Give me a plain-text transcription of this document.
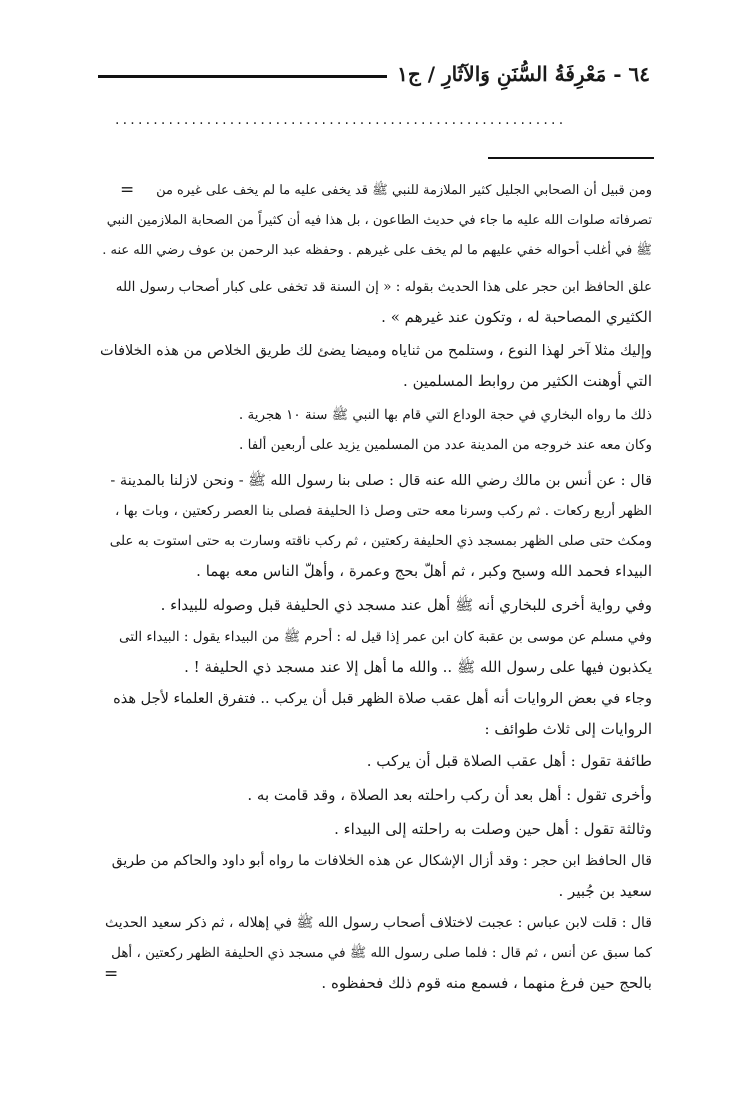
٦٤ - مَعْرِفَةُ السُّنَنِ وَالآثَارِ / ج١
...........................................................
=
=
ومن قبيل أن الصحابي الجليل كثير الملازمة للنبي ﷺ قد يخفى عليه ما لم يخف على غيره من
تصرفاته صلوات الله عليه ما جاء في حديث الطاعون ، بل هذا فيه أن كثيراً من الصحابة الملازمين النبي
ﷺ في أغلب أحواله خفي عليهم ما لم يخف على غيرهم . وحفظه عبد الرحمن بن عوف رضي الله عنه .
علق الحافظ ابن حجر على هذا الحديث بقوله : « إن السنة قد تخفى على كبار أصحاب رسول الله
الكثيري المصاحبة له ، وتكون عند غيرهم » .
وإليك مثلا آخر لهذا النوع ، وستلمح من ثناياه وميضا يضئ لك طريق الخلاص من هذه الخلافات
التي أوهنت الكثير من روابط المسلمين .
ذلك ما رواه البخاري في حجة الوداع التي قام بها النبي ﷺ سنة ١٠ هجرية .
وكان معه عند خروجه من المدينة عدد من المسلمين يزيد على أربعين ألفا .
قال : عن أنس بن مالك رضي الله عنه قال : صلى بنا رسول الله ﷺ - ونحن لازلنا بالمدينة -
الظهر أربع ركعات . ثم ركب وسرنا معه حتى وصل ذا الحليفة فصلى بنا العصر ركعتين ، وبات بها ،
ومكث حتى صلى الظهر بمسجد ذي الحليفة ركعتين ، ثم ركب ناقته وسارت به حتى استوت به على
البيداء فحمد الله وسبح وكبر ، ثم أهلّ بحج وعمرة ، وأهلّ الناس معه بهما .
وفي رواية أخرى للبخاري أنه ﷺ أهل عند مسجد ذي الحليفة قبل وصوله للبيداء .
وفي مسلم عن موسى بن عقبة كان ابن عمر إذا قيل له : أحرم ﷺ من البيداء يقول : البيداء التى
يكذبون فيها على رسول الله ﷺ .. والله ما أهل إلا عند مسجد ذي الحليفة ! .
وجاء في بعض الروايات أنه أهل عقب صلاة الظهر قبل أن يركب .. فتفرق العلماء لأجل هذه
الروايات إلى ثلاث طوائف :
طائفة تقول : أهل عقب الصلاة قبل أن يركب .
وأخرى تقول : أهل بعد أن ركب راحلته بعد الصلاة ، وقد قامت به .
وثالثة تقول : أهل حين وصلت به راحلته إلى البيداء .
قال الحافظ ابن حجر : وقد أزال الإشكال عن هذه الخلافات ما رواه أبو داود والحاكم من طريق
سعيد بن جُبير .
قال : قلت لابن عباس : عجبت لاختلاف أصحاب رسول الله ﷺ في إهلاله ، ثم ذكر سعيد الحديث
كما سبق عن أنس ، ثم قال : فلما صلى رسول الله ﷺ في مسجد ذي الحليفة الظهر ركعتين ، أهل
بالحج حين فرغ منهما ، فسمع منه قوم ذلك فحفظوه .
